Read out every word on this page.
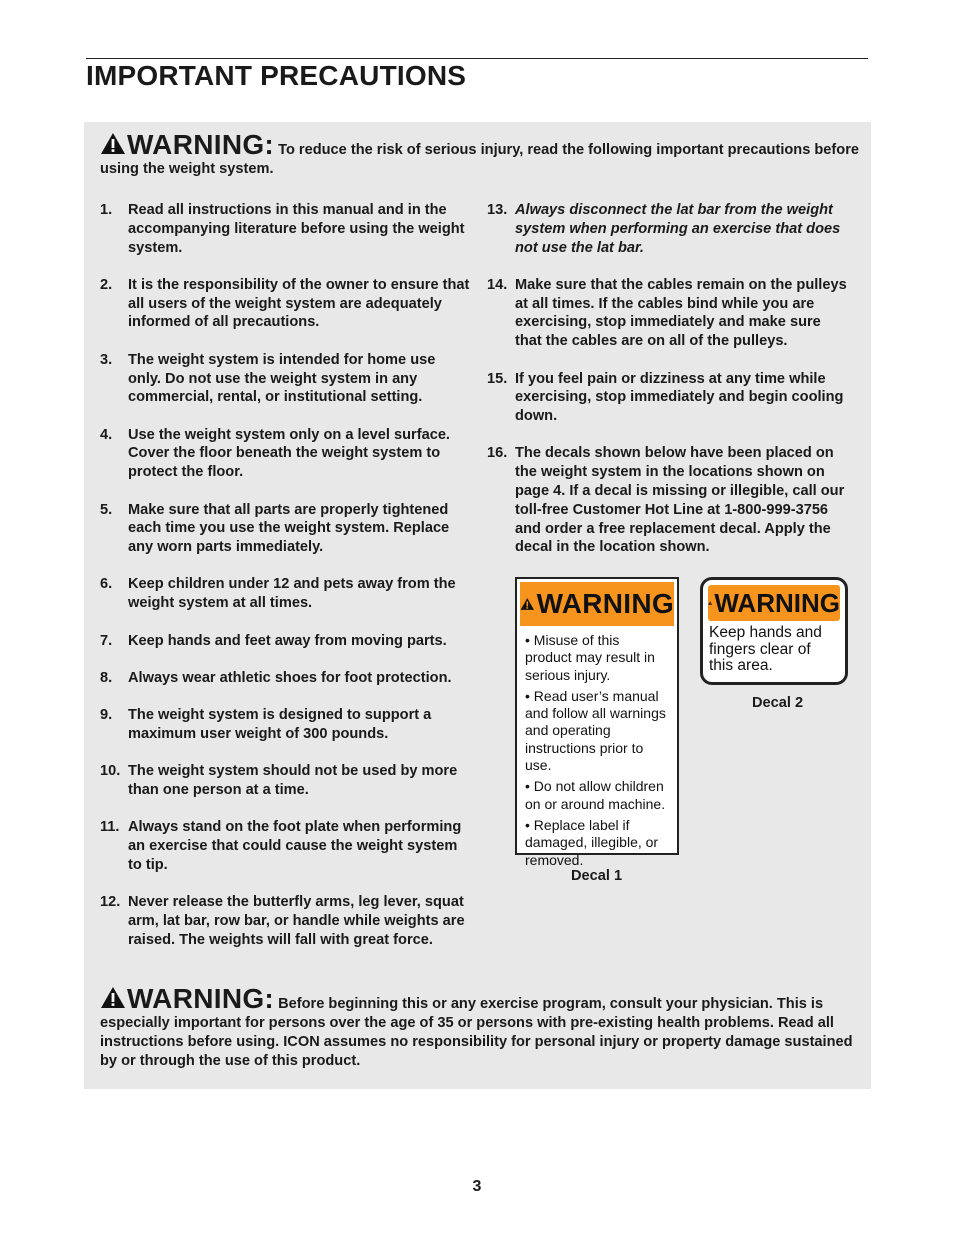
IMPORTANT PRECAUTIONS
WARNING: To reduce the risk of serious injury, read the following important precautions before using the weight system.
1. Read all instructions in this manual and in the accompanying literature before using the weight system.
2. It is the responsibility of the owner to ensure that all users of the weight system are adequately informed of all precautions.
3. The weight system is intended for home use only. Do not use the weight system in any commercial, rental, or institutional setting.
4. Use the weight system only on a level surface. Cover the floor beneath the weight system to protect the floor.
5. Make sure that all parts are properly tightened each time you use the weight system. Replace any worn parts immediately.
6. Keep children under 12 and pets away from the weight system at all times.
7. Keep hands and feet away from moving parts.
8. Always wear athletic shoes for foot protection.
9. The weight system is designed to support a maximum user weight of 300 pounds.
10. The weight system should not be used by more than one person at a time.
11. Always stand on the foot plate when performing an exercise that could cause the weight system to tip.
12. Never release the butterfly arms, leg lever, squat arm, lat bar, row bar, or handle while weights are raised. The weights will fall with great force.
13. Always disconnect the lat bar from the weight system when performing an exercise that does not use the lat bar.
14. Make sure that the cables remain on the pulleys at all times. If the cables bind while you are exercising, stop immediately and make sure that the cables are on all of the pulleys.
15. If you feel pain or dizziness at any time while exercising, stop immediately and begin cooling down.
16. The decals shown below have been placed on the weight system in the locations shown on page 4. If a decal is missing or illegible, call our toll-free Customer Hot Line at 1-800-999-3756 and order a free replacement decal. Apply the decal in the location shown.
WARNING

• Misuse of this product may result in serious injury.

• Read user’s manual and follow all warnings and operating instructions prior to use.

• Do not allow children on or around machine.

• Replace label if damaged, illegible, or removed.

Decal 1
WARNING
Keep hands and fingers clear of this area.
Decal 2
WARNING: Before beginning this or any exercise program, consult your physician. This is especially important for persons over the age of 35 or persons with pre-existing health problems. Read all instructions before using. ICON assumes no responsibility for personal injury or property damage sustained by or through the use of this product.
3
